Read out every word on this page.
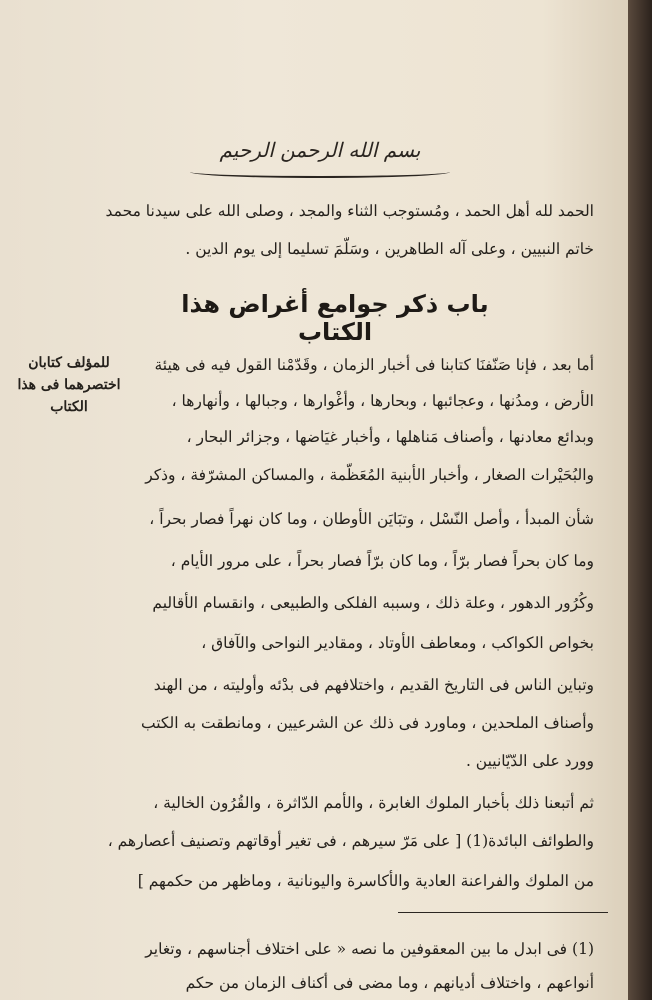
بسم الله الرحمن الرحيم
الحمد لله أهل الحمد ، ومُستوجب الثناء والمجد ، وصلى الله على سيدنا محمد
خاتم النبيين ، وعلى آله الطاهرين ، وسَلّمَ تسليما إلى يوم الدين .
باب ذكر جوامع أغراض هذا الكتاب
للمؤلف كتابان اختصرهما فى هذا الكتاب
أما بعد ، فإنا صَنّفنَا كتابنا فى أخبار الزمان ، وقَدّمْنا القول فيه فى هيئة
الأرض ، ومدُنها ، وعجائبها ، وبحارها ، وأغْوارها ، وجبالها ، وأنهارها ،
وبدائع معادنها ، وأصناف مَناهلها ، وأخبار غيَاضها ، وجزائر البحار ،
والبُحَيْرات الصغار ، وأخبار الأبنية المُعَظّمة ، والمساكن المشرّفة ، وذكر
شأن المبدأ ، وأصل النّسْل ، وتبَايَن الأوطان ، وما كان نهراً فصار بحراً ،
وما كان بحراً فصار برّاً ، وما كان برّاً فصار بحراً ، على مرور الأيام ،
وكُرُور الدهور ، وعلة ذلك ، وسببه الفلكى والطبيعى ، وانقسام الأقاليم
بخواص الكواكب ، ومعاطف الأوتاد ، ومقادير النواحى والآفاق ،
وتباين الناس فى التاريخ القديم ، واختلافهم فى بدْئه وأوليته ، من الهند
وأصناف الملحدين ، وماورد فى ذلك عن الشرعيين ، ومانطقت به الكتب
وورد على الدّيّانيين .
ثم أتبعنا ذلك بأخبار الملوك الغابرة ، والأمم الدّاثرة ، والقُرُون الخالية ،
والطوائف البائدة(1) [ على مَرّ سيرهم ، فى تغير أوقاتهم وتصنيف أعصارهم ،
من الملوك والفراعنة العادية والأكاسرة واليونانية ، وماظهر من حكمهم ]
(1) فى ابدل ما بين المعقوفين ما نصه « على اختلاف أجناسهم ، وتغاير
أنواعهم ، واختلاف أديانهم ، وما مضى فى أكناف الزمان من حكم
